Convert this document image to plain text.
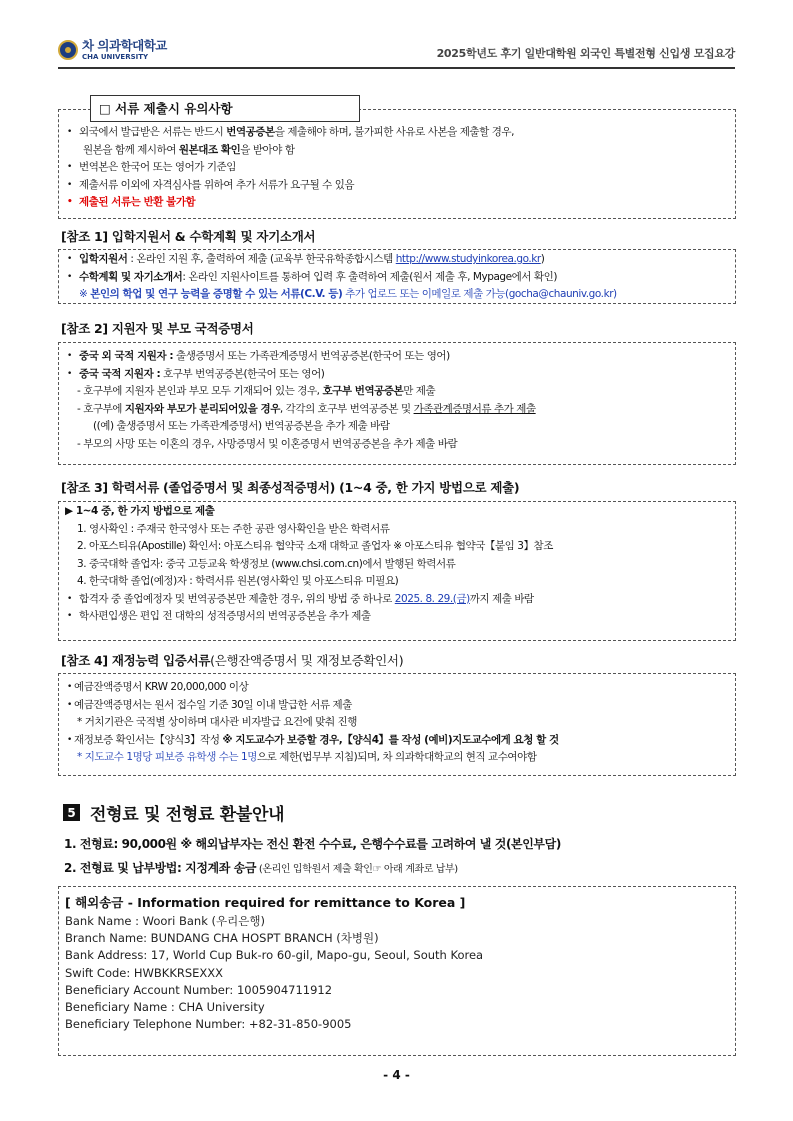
차 의과학대학교
CHA UNIVERSITY	2025학년도 후기 일반대학원 외국인 특별전형 신입생 모집요강
□ 서류 제출시 유의사항
• 외국에서 발급받은 서류는 반드시 번역공증본을 제출해야 하며, 불가피한 사유로 사본을 제출할 경우,
원본을 함께 제시하여 원본대조 확인을 받아야 함
• 번역본은 한국어 또는 영어가 기준임
• 제출서류 이외에 자격심사를 위하여 추가 서류가 요구될 수 있음
• 제출된 서류는 반환 불가함
[참조 1] 입학지원서 & 수학계획 및 자기소개서
• 입학지원서 : 온라인 지원 후, 출력하여 제출 (교육부 한국유학종합시스템 http://www.studyinkorea.go.kr)
• 수학계획 및 자기소개서: 온라인 지원사이트를 통하여 입력 후 출력하여 제출(원서 제출 후, Mypage에서 확인)
※ 본인의 학업 및 연구 능력을 증명할 수 있는 서류(C.V. 등) 추가 업로드 또는 이메일로 제출 가능(gocha@chauniv.go.kr)
[참조 2] 지원자 및 부모 국적증명서
• 중국 외 국적 지원자 : 출생증명서 또는 가족관계증명서 번역공증본(한국어 또는 영어)
• 중국 국적 지원자 : 호구부 번역공증본(한국어 또는 영어)
- 호구부에 지원자 본인과 부모 모두 기재되어 있는 경우, 호구부 번역공증본만 제출
- 호구부에 지원자와 부모가 분리되어있을 경우, 각각의 호구부 번역공증본 및 가족관계증명서류 추가 제출
((예) 출생증명서 또는 가족관계증명서) 번역공증본을 추가 제출 바람
- 부모의 사망 또는 이혼의 경우, 사망증명서 및 이혼증명서 번역공증본을 추가 제출 바람
[참조 3] 학력서류 (졸업증명서 및 최종성적증명서) (1~4 중, 한 가지 방법으로 제출)
▶ 1~4 중, 한 가지 방법으로 제출
1. 영사확인 : 주재국 한국영사 또는 주한 공관 영사확인을 받은 학력서류
2. 아포스티유(Apostille) 확인서: 아포스티유 협약국 소재 대학교 졸업자 ※ 아포스티유 협약국【붙임 3】참조
3. 중국대학 졸업자: 중국 고등교육 학생정보 (www.chsi.com.cn)에서 발행된 학력서류
4. 한국대학 졸업(예정)자 : 학력서류 원본(영사확인 및 아포스티유 미필요)
• 합격자 중 졸업예정자 및 번역공증본만 제출한 경우, 위의 방법 중 하나로 2025. 8. 29.(금)까지 제출 바람
• 학사편입생은 편입 전 대학의 성적증명서의 번역공증본을 추가 제출
[참조 4] 재정능력 입증서류(은행잔액증명서 및 재정보증확인서)
• 예금잔액증명서 KRW 20,000,000 이상
• 예금잔액증명서는 원서 접수일 기준 30일 이내 발급한 서류 제출
* 거치기관은 국적별 상이하며 대사관 비자발급 요건에 맞춰 진행
• 재정보증 확인서는【양식3】작성 ※ 지도교수가 보증할 경우,【양식4】를 작성 (예비)지도교수에게 요청 할 것
* 지도교수 1명당 피보증 유학생 수는 1명으로 제한(법무부 지침)되며, 차 의과학대학교의 현직 교수여야함
5 전형료 및 전형료 환불안내
1. 전형료: 90,000원 ※ 해외납부자는 전신 환전 수수료, 은행수수료를 고려하여 낼 것(본인부담)
2. 전형료 및 납부방법: 지정계좌 송금 (온리인 입학원서 제출 확인☞ 아래 계좌로 납부)
[ 해외송금 - Information required for remittance to Korea ]
Bank Name : Woori Bank (우리은행)
Branch Name: BUNDANG CHA HOSPT BRANCH (차병원)
Bank Address: 17, World Cup Buk-ro 60-gil, Mapo-gu, Seoul, South Korea
Swift Code: HWBKKRSEXXX
Beneficiary Account Number: 1005904711912
Beneficiary Name : CHA University
Beneficiary Telephone Number: +82-31-850-9005
- 4 -
